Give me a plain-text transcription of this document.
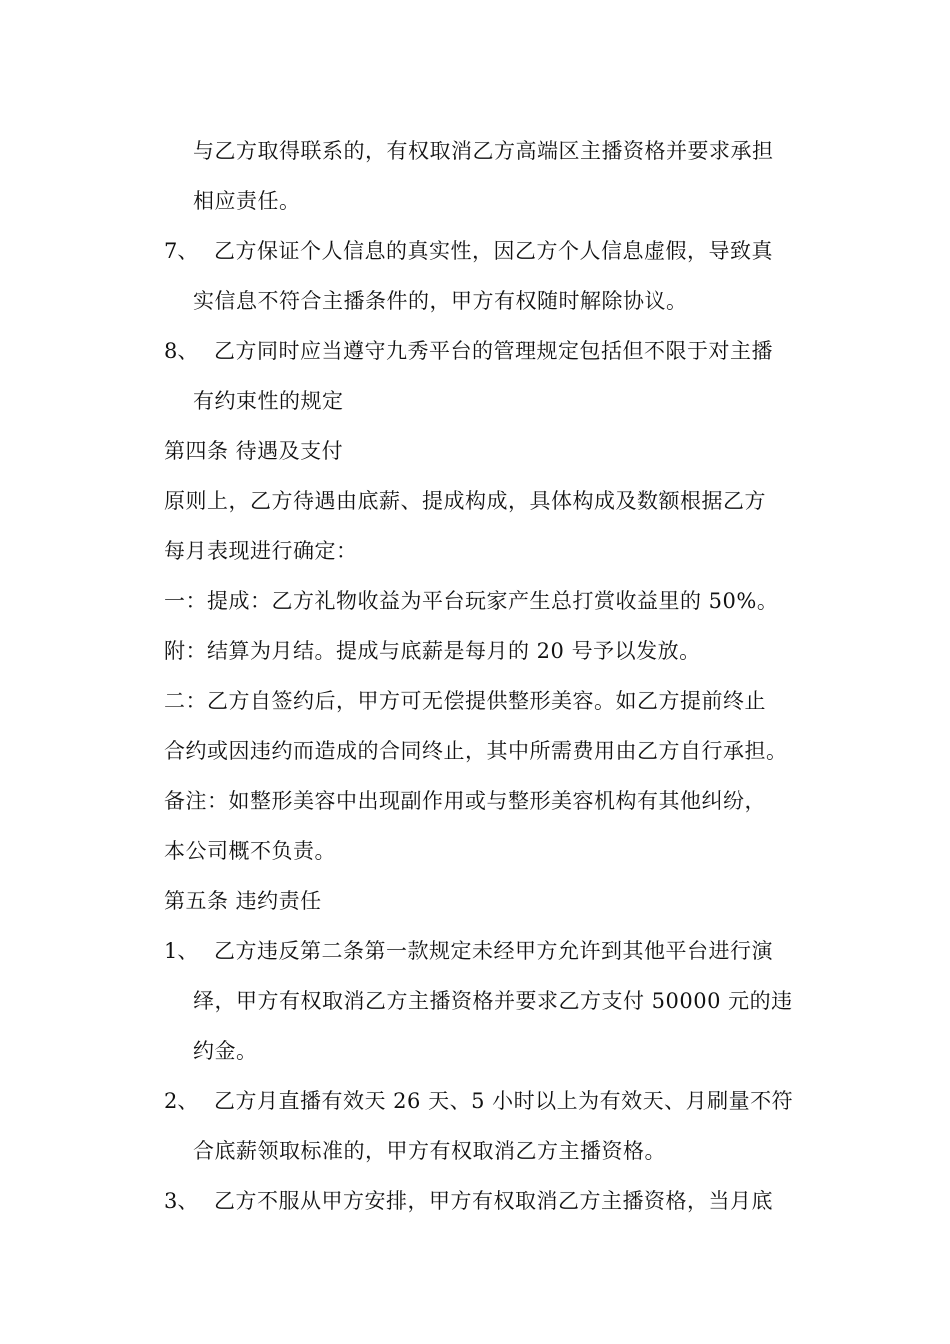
与乙方取得联系的，有权取消乙方高端区主播资格并要求承担
相应责任。
7、 乙方保证个人信息的真实性，因乙方个人信息虚假，导致真
实信息不符合主播条件的，甲方有权随时解除协议。
8、 乙方同时应当遵守九秀平台的管理规定包括但不限于对主播
有约束性的规定
第四条 待遇及支付
原则上，乙方待遇由底薪、提成构成，具体构成及数额根据乙方
每月表现进行确定：
一：提成：乙方礼物收益为平台玩家产生总打赏收益里的 50%。
附：结算为月结。提成与底薪是每月的 20 号予以发放。
二：乙方自签约后，甲方可无偿提供整形美容。如乙方提前终止
合约或因违约而造成的合同终止，其中所需费用由乙方自行承担。
备注：如整形美容中出现副作用或与整形美容机构有其他纠纷，
本公司概不负责。
第五条 违约责任
1、 乙方违反第二条第一款规定未经甲方允许到其他平台进行演
绎，甲方有权取消乙方主播资格并要求乙方支付 50000 元的违
约金。
2、 乙方月直播有效天 26 天、5 小时以上为有效天、月刷量不符
合底薪领取标准的，甲方有权取消乙方主播资格。
3、 乙方不服从甲方安排，甲方有权取消乙方主播资格，当月底
